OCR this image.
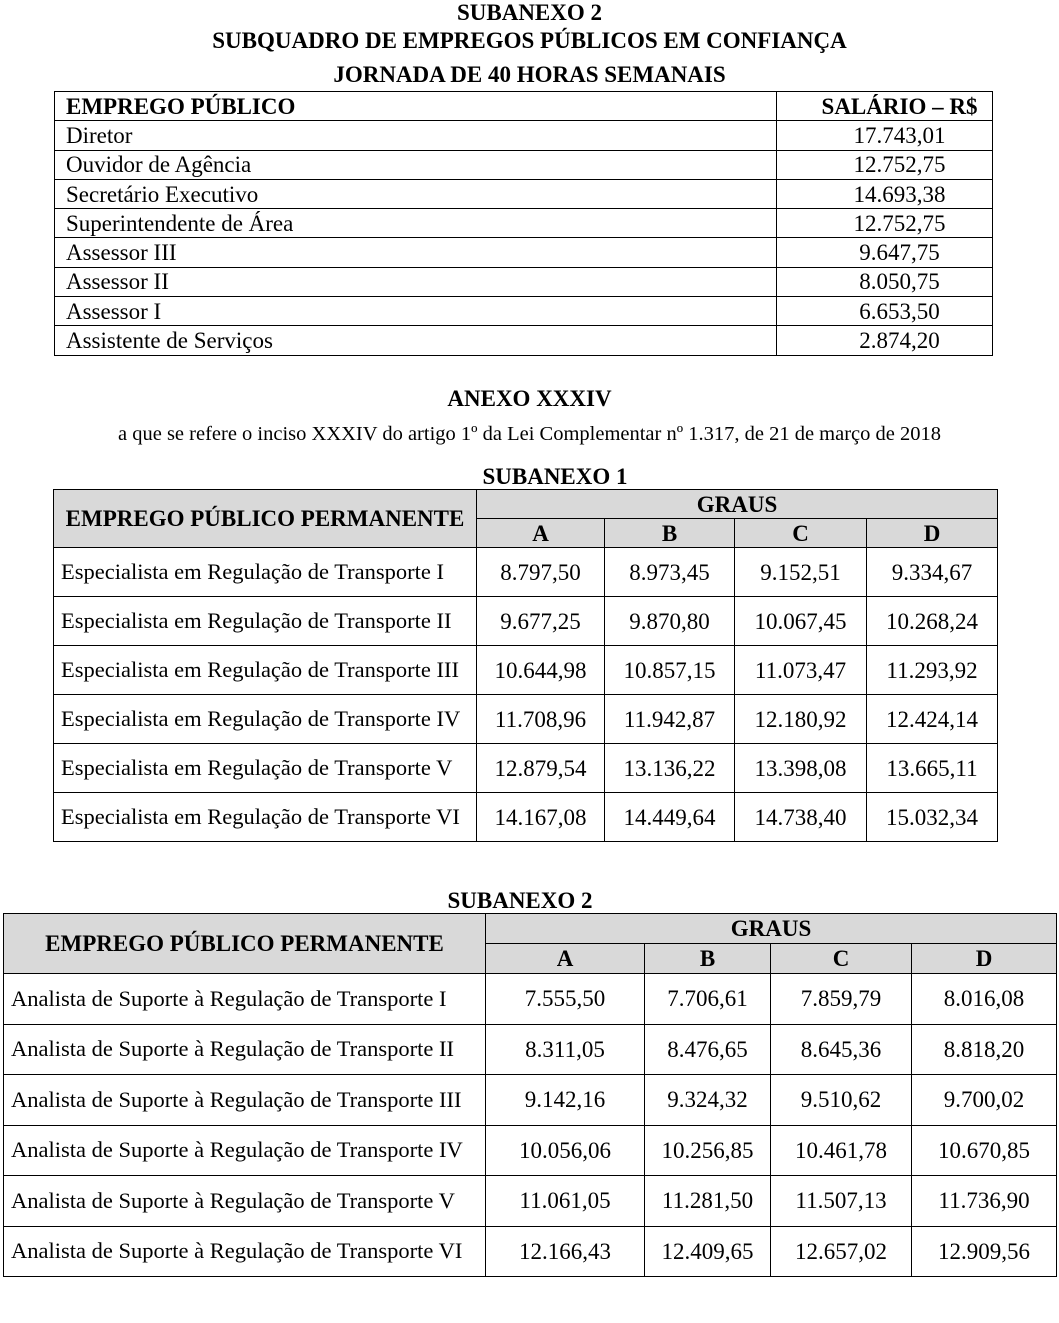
SUBANEXO 2
SUBQUADRO DE EMPREGOS PÚBLICOS EM CONFIANÇA
JORNADA DE 40 HORAS SEMANAIS
EMPREGO PÚBLICO	SALÁRIO – R$
Diretor	17.743,01
Ouvidor de Agência	12.752,75
Secretário Executivo	14.693,38
Superintendente de Área	12.752,75
Assessor III	9.647,75
Assessor II	8.050,75
Assessor I	6.653,50
Assistente de Serviços	2.874,20
ANEXO XXXIV
a que se refere o inciso XXXIV do artigo 1º da Lei Complementar nº 1.317, de 21 de março de 2018
SUBANEXO 1
EMPREGO PÚBLICO PERMANENTE	GRAUS			
	A	B	C	D
Especialista em Regulação de Transporte I	8.797,50	8.973,45	9.152,51	9.334,67
Especialista em Regulação de Transporte II	9.677,25	9.870,80	10.067,45	10.268,24
Especialista em Regulação de Transporte III	10.644,98	10.857,15	11.073,47	11.293,92
Especialista em Regulação de Transporte IV	11.708,96	11.942,87	12.180,92	12.424,14
Especialista em Regulação de Transporte V	12.879,54	13.136,22	13.398,08	13.665,11
Especialista em Regulação de Transporte VI	14.167,08	14.449,64	14.738,40	15.032,34
SUBANEXO 2
EMPREGO PÚBLICO PERMANENTE	GRAUS			
	A	B	C	D
Analista de Suporte à Regulação de Transporte I	7.555,50	7.706,61	7.859,79	8.016,08
Analista de Suporte à Regulação de Transporte II	8.311,05	8.476,65	8.645,36	8.818,20
Analista de Suporte à Regulação de Transporte III	9.142,16	9.324,32	9.510,62	9.700,02
Analista de Suporte à Regulação de Transporte IV	10.056,06	10.256,85	10.461,78	10.670,85
Analista de Suporte à Regulação de Transporte V	11.061,05	11.281,50	11.507,13	11.736,90
Analista de Suporte à Regulação de Transporte VI	12.166,43	12.409,65	12.657,02	12.909,56
